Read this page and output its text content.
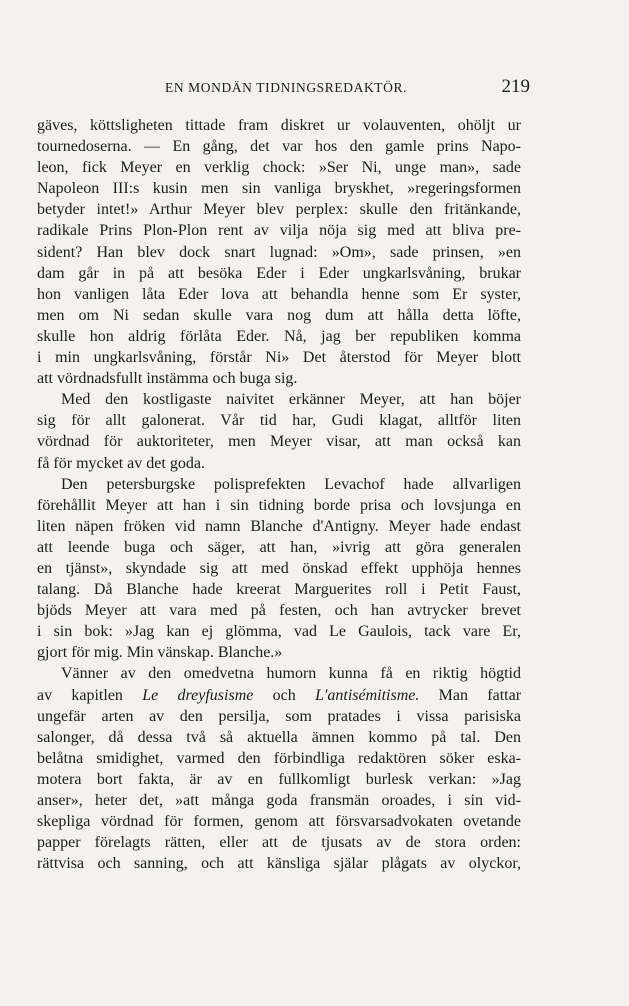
EN MONDÄN TIDNINGSREDAKTÖR.	219
gäves, köttsligheten tittade fram diskret ur volauventen, ohöljt ur
tournedoserna. — En gång, det var hos den gamle prins Napo-
leon, fick Meyer en verklig chock: »Ser Ni, unge man», sade
Napoleon III:s kusin men sin vanliga bryskhet, »regeringsformen
betyder intet!» Arthur Meyer blev perplex: skulle den fritänkande,
radikale Prins Plon-Plon rent av vilja nöja sig med att bliva pre-
sident? Han blev dock snart lugnad: »Om», sade prinsen, »en
dam går in på att besöka Eder i Eder ungkarlsvåning, brukar
hon vanligen låta Eder lova att behandla henne som Er syster,
men om Ni sedan skulle vara nog dum att hålla detta löfte,
skulle hon aldrig förlåta Eder. Nå, jag ber republiken komma
i min ungkarlsvåning, förstår Ni» Det återstod för Meyer blott
att vördnadsfullt instämma och buga sig.
Med den kostligaste naivitet erkänner Meyer, att han böjer
sig för allt galonerat. Vår tid har, Gudi klagat, alltför liten
vördnad för auktoriteter, men Meyer visar, att man också kan
få för mycket av det goda.
Den petersburgske polisprefekten Levachof hade allvarligen
förehållit Meyer att han i sin tidning borde prisa och lovsjunga en
liten näpen fröken vid namn Blanche d'Antigny. Meyer hade endast
att leende buga och säger, att han, »ivrig att göra generalen
en tjänst», skyndade sig att med önskad effekt upphöja hennes
talang. Då Blanche hade kreerat Marguerites roll i Petit Faust,
bjöds Meyer att vara med på festen, och han avtrycker brevet
i sin bok: »Jag kan ej glömma, vad Le Gaulois, tack vare Er,
gjort för mig. Min vänskap. Blanche.»
Vänner av den omedvetna humorn kunna få en riktig högtid
av kapitlen Le dreyfusisme och L'antisémitisme. Man fattar
ungefär arten av den persilja, som pratades i vissa parisiska
salonger, då dessa två så aktuella ämnen kommo på tal. Den
belåtna smidighet, varmed den förbindliga redaktören söker eska-
motera bort fakta, är av en fullkomligt burlesk verkan: »Jag
anser», heter det, »att många goda fransmän oroades, i sin vid-
skepliga vördnad för formen, genom att försvarsadvokaten ovetande
papper förelagts rätten, eller att de tjusats av de stora orden:
rättvisa och sanning, och att känsliga själar plågats av olyckor,
